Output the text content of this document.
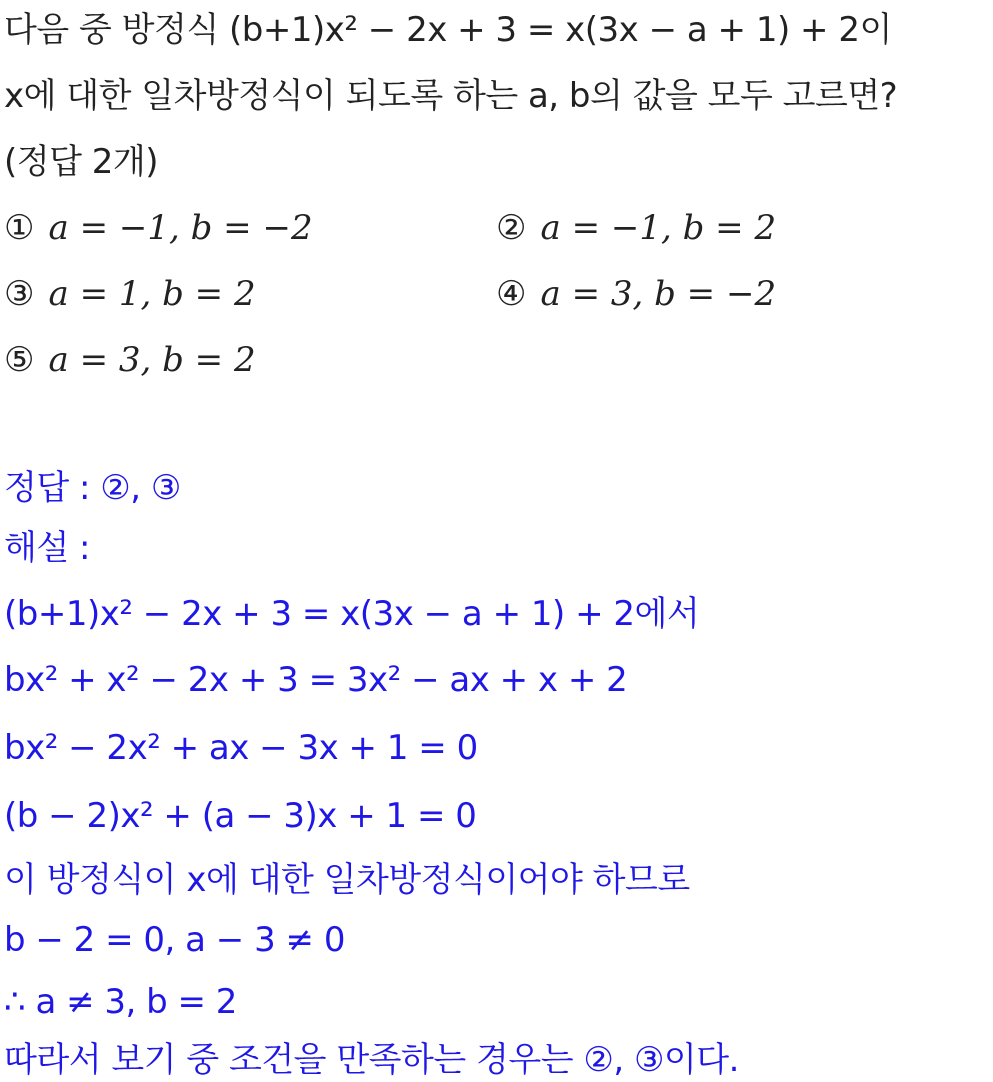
다음 중 방정식 (b+1)x² − 2x + 3 = x(3x − a + 1) + 2이
x에 대한 일차방정식이 되도록 하는 a, b의 값을 모두 고르면?
(정답 2개)
① a = −1, b = −2	② a = −1, b = 2
③ a = 1, b = 2	④ a = 3, b = −2
⑤ a = 3, b = 2
정답 : ②, ③
해설 :
(b+1)x² − 2x + 3 = x(3x − a + 1) + 2에서
bx² + x² − 2x + 3 = 3x² − ax + x + 2
bx² − 2x² + ax − 3x + 1 = 0
(b − 2)x² + (a − 3)x + 1 = 0
이 방정식이 x에 대한 일차방정식이어야 하므로
b − 2 = 0, a − 3 ≠ 0
∴ a ≠ 3, b = 2
따라서 보기 중 조건을 만족하는 경우는 ②, ③이다.
